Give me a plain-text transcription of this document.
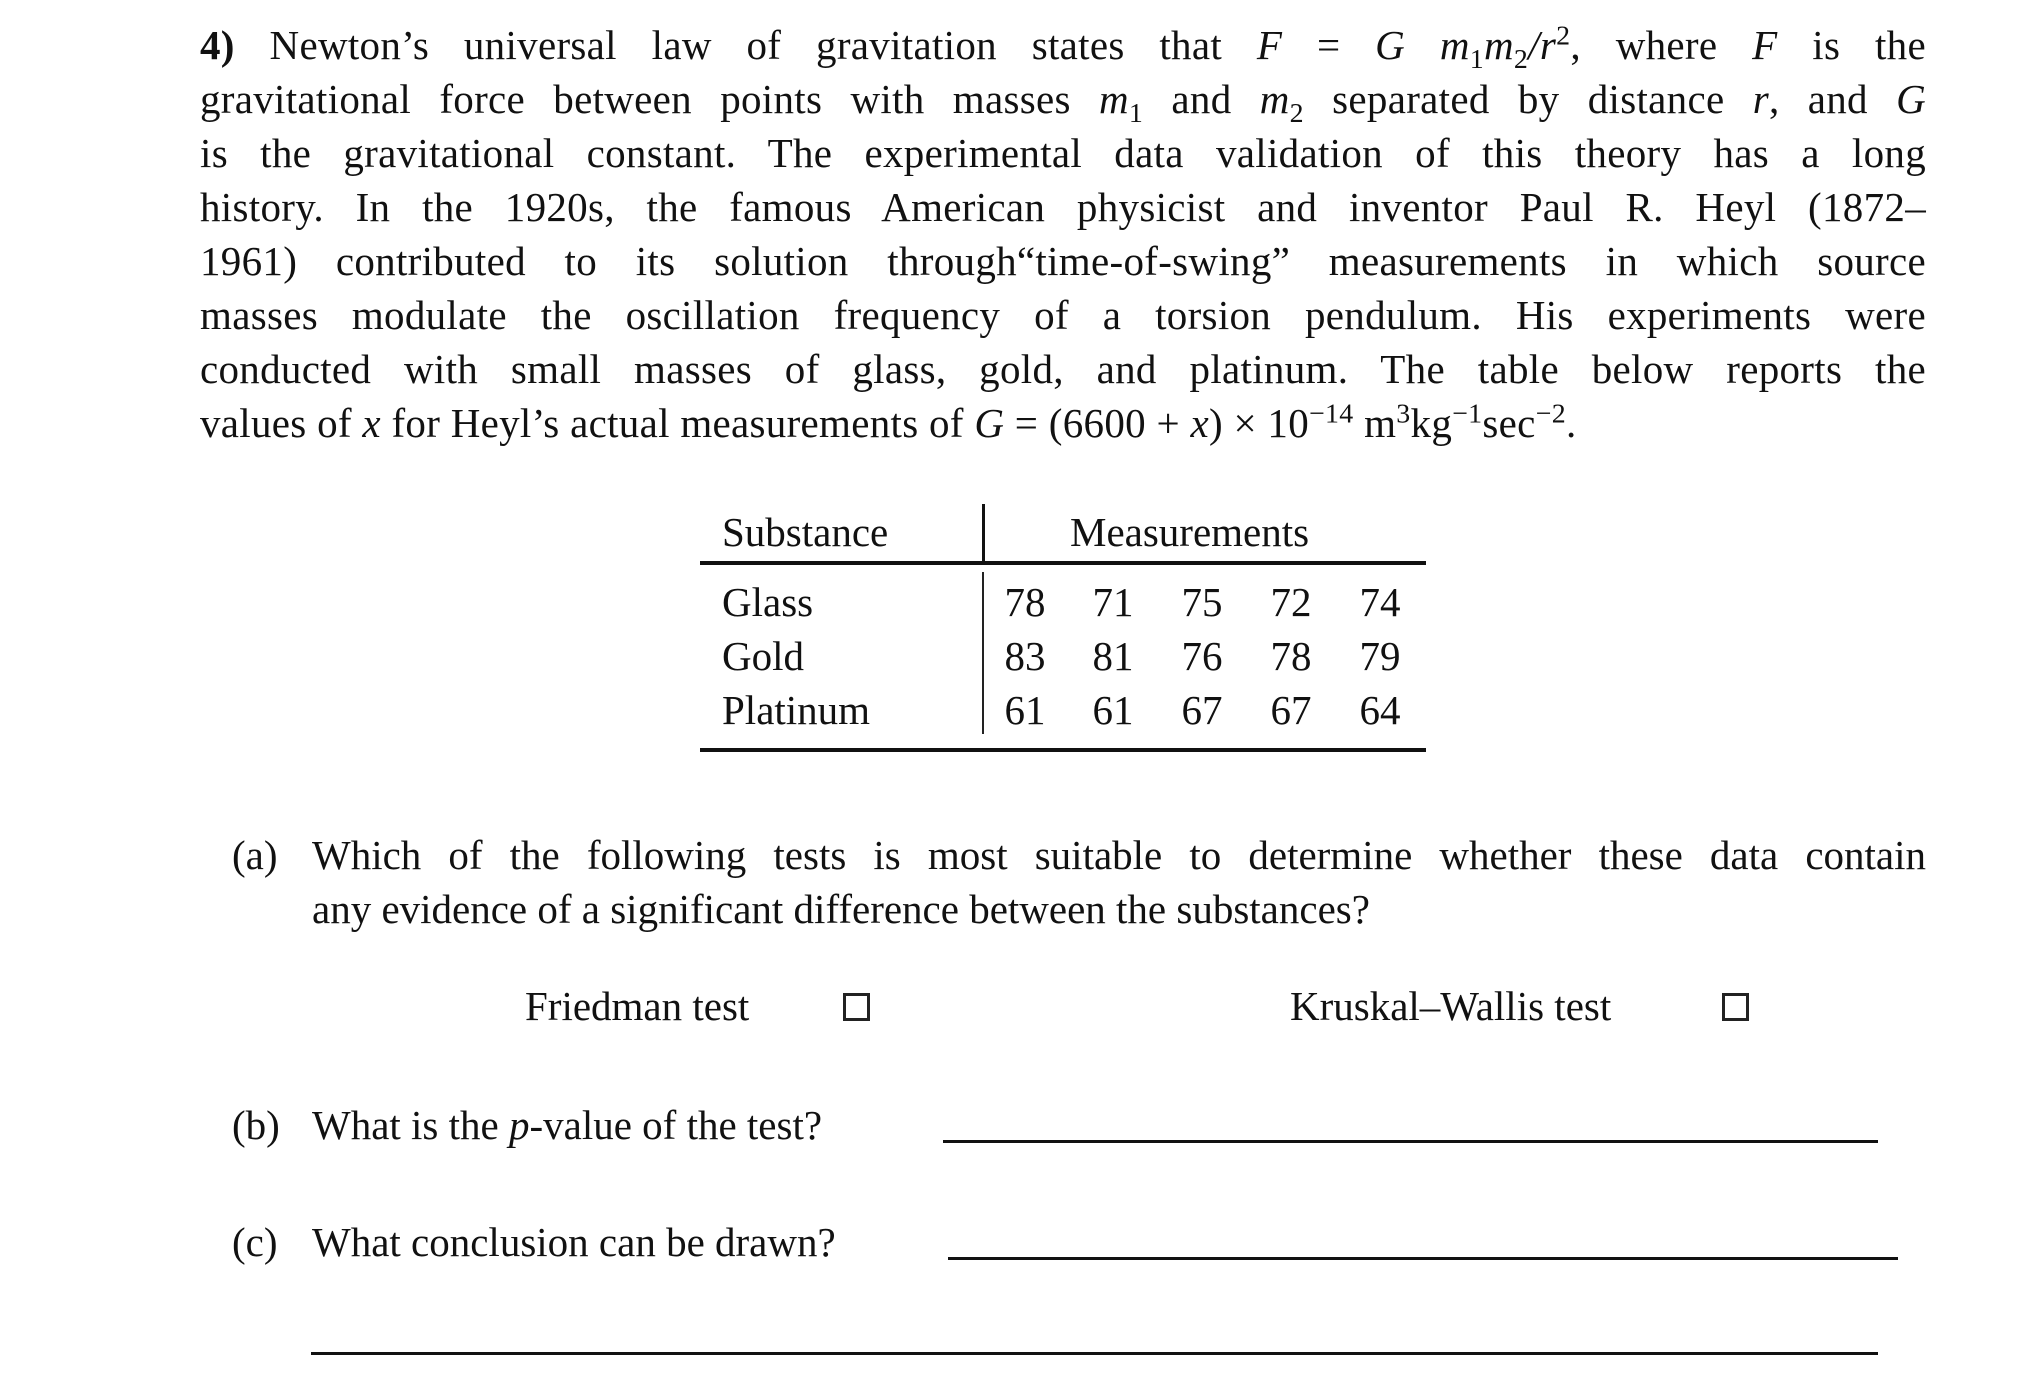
4) Newton’s universal law of gravitation states that F = G $m_1m_2/r^2$, where F is the
gravitational force between points with masses $m_1$ and $m_2$ separated by distance r, and G
is the gravitational constant. The experimental data validation of this theory has a long
history. In the 1920s, the famous American physicist and inventor Paul R. Heyl (1872–
1961) contributed to its solution through“time-of-swing” measurements in which source
masses modulate the oscillation frequency of a torsion pendulum. His experiments were
conducted with small masses of glass, gold, and platinum. The table below reports the
values of x for Heyl’s actual measurements of $G = (6600 + x) \times 10^{-14}$ $m^3kg^{-1}\sec^{-2}$.
Substance	Measurements
Glass	78 71 75 72 74
Gold	83 81 76 78 79
Platinum	61 61 67 67 64
(a) Which of the following tests is most suitable to determine whether these data contain
any evidence of a significant difference between the substances?
Friedman test	Kruskal–Wallis test
(b) What is the p-value of the test?
(c) What conclusion can be drawn?
